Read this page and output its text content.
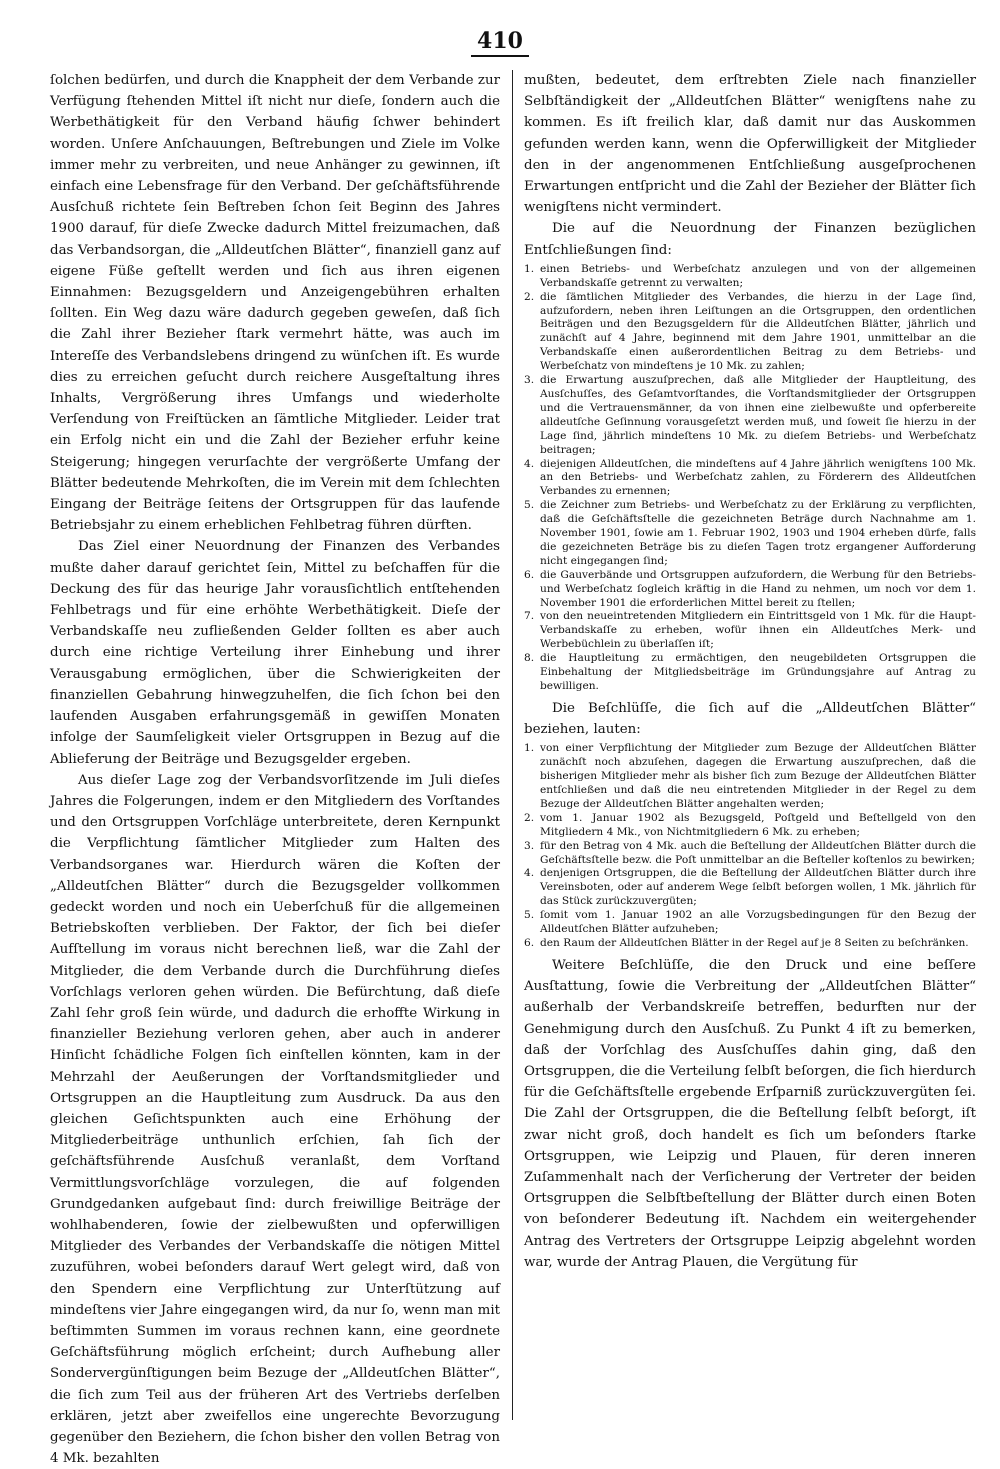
410

ſolchen bedürfen, und durch die Knappheit der dem Verbande zur Verfügung ſtehenden Mittel iſt nicht nur dieſe, ſondern auch die Werbethätigkeit für den Verband häufig ſchwer behindert worden. Unſere Anſchauungen, Beſtrebungen und Ziele im Volke immer mehr zu verbreiten, und neue Anhänger zu gewinnen, iſt einfach eine Lebensfrage für den Verband. Der geſchäftsführende Ausſchuß richtete ſein Beſtreben ſchon ſeit Beginn des Jahres 1900 darauf, für dieſe Zwecke dadurch Mittel freizumachen, daß das Verbandsorgan, die „Alldeutſchen Blätter“, finanziell ganz auf eigene Füße geſtellt werden und ſich aus ihren eigenen Einnahmen: Bezugsgeldern und Anzeigengebühren erhalten ſollten. Ein Weg dazu wäre dadurch gegeben geweſen, daß ſich die Zahl ihrer Bezieher ſtark vermehrt hätte, was auch im Intereſſe des Verbandslebens dringend zu wünſchen iſt. Es wurde dies zu erreichen geſucht durch reichere Ausgeſtaltung ihres Inhalts, Vergrößerung ihres Umfangs und wiederholte Verſendung von Freiſtücken an ſämtliche Mitglieder. Leider trat ein Erfolg nicht ein und die Zahl der Bezieher erfuhr keine Steigerung; hingegen verurſachte der vergrößerte Umfang der Blätter bedeutende Mehrkoſten, die im Verein mit dem ſchlechten Eingang der Beiträge ſeitens der Ortsgruppen für das laufende Betriebsjahr zu einem erheblichen Fehlbetrag führen dürften.

Das Ziel einer Neuordnung der Finanzen des Verbandes mußte daher darauf gerichtet ſein, Mittel zu beſchaffen für die Deckung des für das heurige Jahr vorausſichtlich entſtehenden Fehlbetrags und für eine erhöhte Werbethätigkeit. Dieſe der Verbandskaſſe neu zufließenden Gelder ſollten es aber auch durch eine richtige Verteilung ihrer Einhebung und ihrer Verausgabung ermöglichen, über die Schwierigkeiten der finanziellen Gebahrung hinwegzuhelfen, die ſich ſchon bei den laufenden Ausgaben erfahrungsgemäß in gewiſſen Monaten infolge der Saumſeligkeit vieler Ortsgruppen in Bezug auf die Ablieferung der Beiträge und Bezugsgelder ergeben.

Aus dieſer Lage zog der Verbandsvorſitzende im Juli dieſes Jahres die Folgerungen, indem er den Mitgliedern des Vorſtandes und den Ortsgruppen Vorſchläge unterbreitete, deren Kernpunkt die Verpflichtung ſämtlicher Mitglieder zum Halten des Verbandsorganes war. Hierdurch wären die Koſten der „Alldeutſchen Blätter“ durch die Bezugsgelder vollkommen gedeckt worden und noch ein Ueberſchuß für die allgemeinen Betriebskoſten verblieben. Der Faktor, der ſich bei dieſer Aufſtellung im voraus nicht berechnen ließ, war die Zahl der Mitglieder, die dem Verbande durch die Durchführung dieſes Vorſchlags verloren gehen würden. Die Befürchtung, daß dieſe Zahl ſehr groß ſein würde, und dadurch die erhoffte Wirkung in finanzieller Beziehung verloren gehen, aber auch in anderer Hinſicht ſchädliche Folgen ſich einſtellen könnten, kam in der Mehrzahl der Aeußerungen der Vorſtandsmitglieder und Ortsgruppen an die Hauptleitung zum Ausdruck. Da aus den gleichen Geſichtspunkten auch eine Erhöhung der Mitgliederbeiträge unthunlich erſchien, ſah ſich der geſchäftsführende Ausſchuß veranlaßt, dem Vorſtand Vermittlungsvorſchläge vorzulegen, die auf folgenden Grundgedanken aufgebaut ſind: durch freiwillige Beiträge der wohlhabenderen, ſowie der zielbewußten und opferwilligen Mitglieder des Verbandes der Verbandskaſſe die nötigen Mittel zuzuführen, wobei beſonders darauf Wert gelegt wird, daß von den Spendern eine Verpflichtung zur Unterſtützung auf mindeſtens vier Jahre eingegangen wird, da nur ſo, wenn man mit beſtimmten Summen im voraus rechnen kann, eine geordnete Geſchäftsführung möglich erſcheint; durch Aufhebung aller Sondervergünſtigungen beim Bezuge der „Alldeutſchen Blätter“, die ſich zum Teil aus der früheren Art des Vertriebs derſelben erklären, jetzt aber zweifellos eine ungerechte Bevorzugung gegenüber den Beziehern, die ſchon bisher den vollen Betrag von 4 Mk. bezahlten

mußten, bedeutet, dem erſtrebten Ziele nach finanzieller Selbſtändigkeit der „Alldeutſchen Blätter“ wenigſtens nahe zu kommen. Es iſt freilich klar, daß damit nur das Auskommen gefunden werden kann, wenn die Opferwilligkeit der Mitglieder den in der angenommenen Entſchließung ausgeſprochenen Erwartungen entſpricht und die Zahl der Bezieher der Blätter ſich wenigſtens nicht vermindert.

Die auf die Neuordnung der Finanzen bezüglichen Entſchließungen ſind:

1. einen Betriebs- und Werbeſchatz anzulegen und von der allgemeinen Verbandskaſſe getrennt zu verwalten;
2. die ſämtlichen Mitglieder des Verbandes, die hierzu in der Lage ſind, aufzufordern, neben ihren Leiſtungen an die Ortsgruppen, den ordentlichen Beiträgen und den Bezugsgeldern für die Alldeutſchen Blätter, jährlich und zunächſt auf 4 Jahre, beginnend mit dem Jahre 1901, unmittelbar an die Verbandskaſſe einen außerordentlichen Beitrag zu dem Betriebs- und Werbeſchatz von mindeſtens je 10 Mk. zu zahlen;
3. die Erwartung auszuſprechen, daß alle Mitglieder der Hauptleitung, des Ausſchuſſes, des Geſamtvorſtandes, die Vorſtandsmitglieder der Ortsgruppen und die Vertrauensmänner, da von ihnen eine zielbewußte und opferbereite alldeutſche Geſinnung vorausgeſetzt werden muß, und ſoweit ſie hierzu in der Lage ſind, jährlich mindeſtens 10 Mk. zu dieſem Betriebs- und Werbeſchatz beitragen;
4. diejenigen Alldeutſchen, die mindeſtens auf 4 Jahre jährlich wenigſtens 100 Mk. an den Betriebs- und Werbeſchatz zahlen, zu Förderern des Alldeutſchen Verbandes zu ernennen;
5. die Zeichner zum Betriebs- und Werbeſchatz zu der Erklärung zu verpflichten, daß die Geſchäftsſtelle die gezeichneten Beträge durch Nachnahme am 1. November 1901, ſowie am 1. Februar 1902, 1903 und 1904 erheben dürfe, falls die gezeichneten Beträge bis zu dieſen Tagen trotz ergangener Aufforderung nicht eingegangen ſind;
6. die Gauverbände und Ortsgruppen aufzufordern, die Werbung für den Betriebs- und Werbeſchatz ſogleich kräftig in die Hand zu nehmen, um noch vor dem 1. November 1901 die erforderlichen Mittel bereit zu ſtellen;
7. von den neueintretenden Mitgliedern ein Eintrittsgeld von 1 Mk. für die Haupt-Verbandskaſſe zu erheben, wofür ihnen ein Alldeutſches Merk- und Werbebüchlein zu überlaſſen iſt;
8. die Hauptleitung zu ermächtigen, den neugebildeten Ortsgruppen die Einbehaltung der Mitgliedsbeiträge im Gründungsjahre auf Antrag zu bewilligen.

Die Beſchlüſſe, die ſich auf die „Alldeutſchen Blätter“ beziehen, lauten:

1. von einer Verpflichtung der Mitglieder zum Bezuge der Alldeutſchen Blätter zunächſt noch abzuſehen, dagegen die Erwartung auszuſprechen, daß die bisherigen Mitglieder mehr als bisher ſich zum Bezuge der Alldeutſchen Blätter entſchließen und daß die neu eintretenden Mitglieder in der Regel zu dem Bezuge der Alldeutſchen Blätter angehalten werden;
2. vom 1. Januar 1902 als Bezugsgeld, Poſtgeld und Beſtellgeld von den Mitgliedern 4 Mk., von Nichtmitgliedern 6 Mk. zu erheben;
3. für den Betrag von 4 Mk. auch die Beſtellung der Alldeutſchen Blätter durch die Geſchäftsſtelle bezw. die Poſt unmittelbar an die Beſteller koſtenlos zu bewirken;
4. denjenigen Ortsgruppen, die die Beſtellung der Alldeutſchen Blätter durch ihre Vereinsboten, oder auf anderem Wege ſelbſt beſorgen wollen, 1 Mk. jährlich für das Stück zurückzuvergüten;
5. ſomit vom 1. Januar 1902 an alle Vorzugsbedingungen für den Bezug der Alldeutſchen Blätter aufzuheben;
6. den Raum der Alldeutſchen Blätter in der Regel auf je 8 Seiten zu beſchränken.

Weitere Beſchlüſſe, die den Druck und eine beſſere Ausſtattung, ſowie die Verbreitung der „Alldeutſchen Blätter“ außerhalb der Verbandskreiſe betreffen, bedurften nur der Genehmigung durch den Ausſchuß. Zu Punkt 4 iſt zu bemerken, daß der Vorſchlag des Ausſchuſſes dahin ging, daß den Ortsgruppen, die die Verteilung ſelbſt beſorgen, die ſich hierdurch für die Geſchäftsſtelle ergebende Erſparniß zurückzuvergüten ſei. Die Zahl der Ortsgruppen, die die Beſtellung ſelbſt beſorgt, iſt zwar nicht groß, doch handelt es ſich um beſonders ſtarke Ortsgruppen, wie Leipzig und Plauen, für deren inneren Zuſammenhalt nach der Verſicherung der Vertreter der beiden Ortsgruppen die Selbſtbeſtellung der Blätter durch einen Boten von beſonderer Bedeutung iſt. Nachdem ein weitergehender Antrag des Vertreters der Ortsgruppe Leipzig abgelehnt worden war, wurde der Antrag Plauen, die Vergütung für
